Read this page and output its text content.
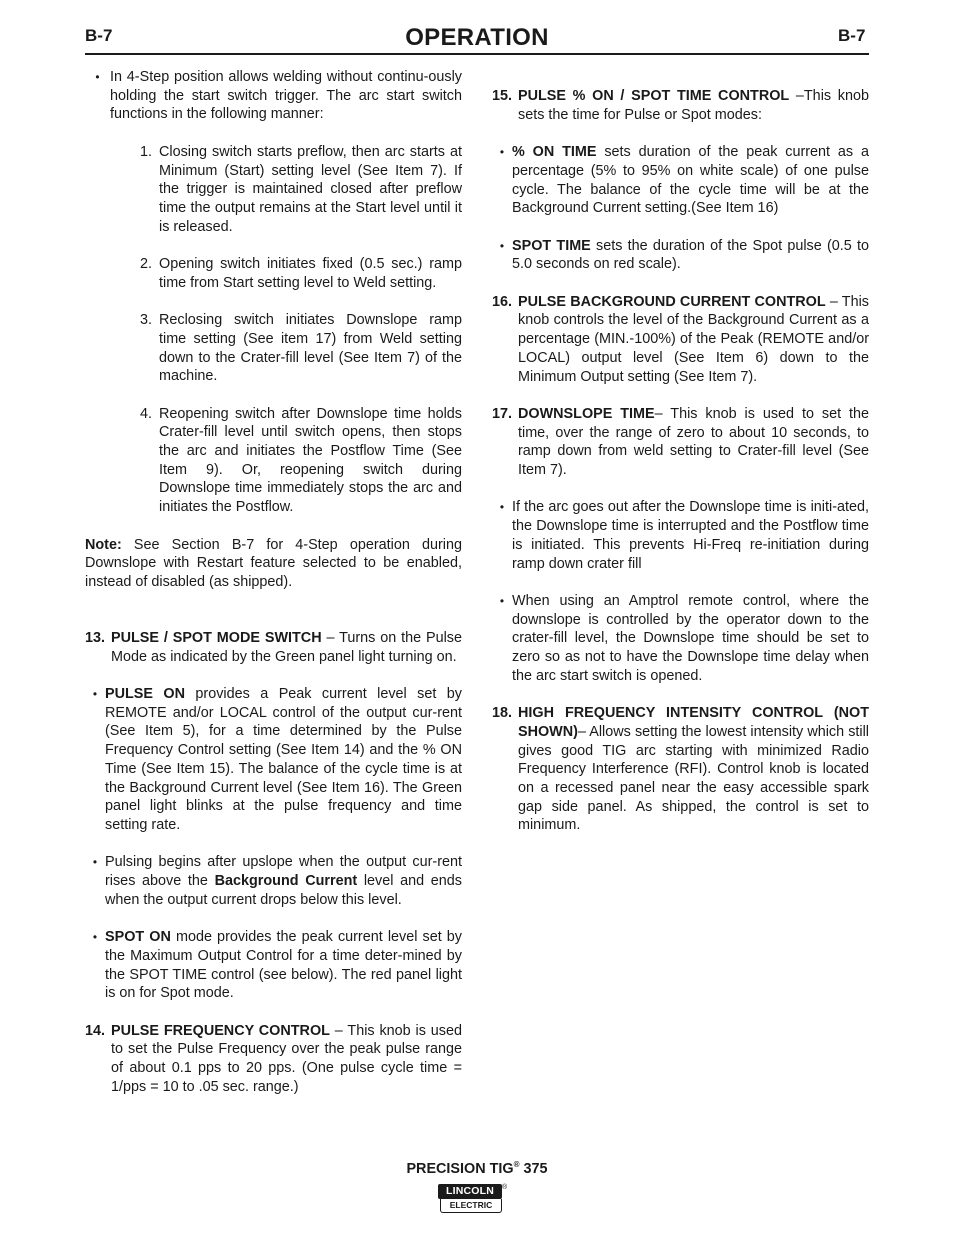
B-7	OPERATION	B-7
• In 4-Step position allows welding without continu-ously holding the start switch trigger. The arc start switch functions in the following manner:
1. Closing switch starts preflow, then arc starts at Minimum (Start) setting level (See Item 7). If the trigger is maintained closed after preflow time the output remains at the Start level until it is released.
2. Opening switch initiates fixed (0.5 sec.) ramp time from Start setting level to Weld setting.
3. Reclosing switch initiates Downslope ramp time setting (See item 17) from Weld setting down to the Crater-fill level (See Item 7) of the machine.
4. Reopening switch after Downslope time holds Crater-fill level until switch opens, then stops the arc and initiates the Postflow Time (See Item 9). Or, reopening switch during Downslope time immediately stops the arc and initiates the Postflow.
Note: See Section B-7 for 4-Step operation during Downslope with Restart feature selected to be enabled, instead of disabled (as shipped).
13. PULSE / SPOT MODE SWITCH – Turns on the Pulse Mode as indicated by the Green panel light turning on.
• PULSE ON provides a Peak current level set by REMOTE and/or LOCAL control of the output cur-rent (See Item 5), for a time determined by the Pulse Frequency Control setting (See Item 14) and the % ON Time (See Item 15). The balance of the cycle time is at the Background Current level (See Item 16). The Green panel light blinks at the pulse frequency and time setting rate.
• Pulsing begins after upslope when the output cur-rent rises above the Background Current level and ends when the output current drops below this level.
• SPOT ON mode provides the peak current level set by the Maximum Output Control for a time deter-mined by the SPOT TIME control (see below). The red panel light is on for Spot mode.
14. PULSE FREQUENCY CONTROL – This knob is used to set the Pulse Frequency over the peak pulse range of about 0.1 pps to 20 pps. (One pulse cycle time = 1/pps = 10 to .05 sec. range.)
15. PULSE % ON / SPOT TIME CONTROL –This knob sets the time for Pulse or Spot modes:
• % ON TIME sets duration of the peak current as a percentage (5% to 95% on white scale) of one pulse cycle. The balance of the cycle time will be at the Background Current setting.(See Item 16)
• SPOT TIME sets the duration of the Spot pulse (0.5 to 5.0 seconds on red scale).
16. PULSE BACKGROUND CURRENT CONTROL – This knob controls the level of the Background Current as a percentage (MIN.-100%) of the Peak (REMOTE and/or LOCAL) output level (See Item 6) down to the Minimum Output setting (See Item 7).
17. DOWNSLOPE TIME– This knob is used to set the time, over the range of zero to about 10 seconds, to ramp down from weld setting to Crater-fill level (See Item 7).
• If the arc goes out after the Downslope time is initi-ated, the Downslope time is interrupted and the Postflow time is initiated. This prevents Hi-Freq re-initiation during ramp down crater fill
• When using an Amptrol remote control, where the downslope is controlled by the operator down to the crater-fill level, the Downslope time should be set to zero so as not to have the Downslope time delay when the arc start switch is opened.
18. HIGH FREQUENCY INTENSITY CONTROL (NOT SHOWN)– Allows setting the lowest intensity which still gives good TIG arc starting with minimized Radio Frequency Interference (RFI). Control knob is located on a recessed panel near the easy accessible spark gap side panel. As shipped, the control is set to minimum.
PRECISION TIG® 375
LINCOLN
ELECTRIC
®
